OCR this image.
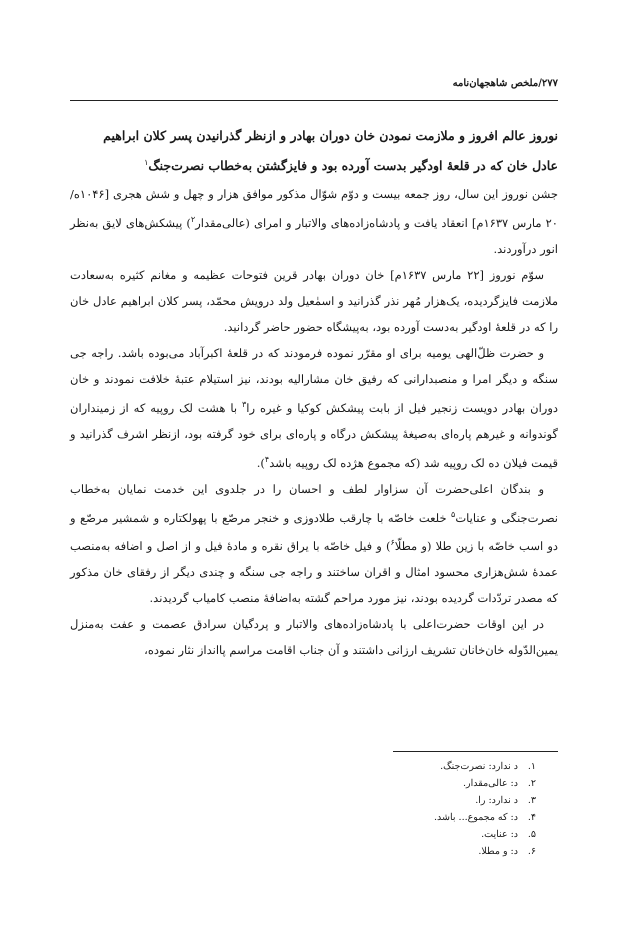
۲۷۷/ملخص شاهجهان‌نامه
نوروز عالم افروز و ملازمت نمودن خان دوران بهادر و ازنظر گذرانیدن پسر کلان ابراهیم
عادل خان که در قلعهٔ اودگیر بدست آورده بود و فایزگشتن به‌خطاب نصرت‌جنگ$^۱$

جشن نوروز این سال، روز جمعه بیست و دوّم شوّال مذکور موافق هزار و چهل و شش هجری [۱۰۴۶ه/۲۰ مارس ۱۶۳۷م] انعقاد یافت و پادشاه‌زاده‌های والاتبار و امرای (عالی‌مقدار$^۲$) پیشکش‌های لایق به‌نظر انور درآوردند.

سوّم نوروز [۲۲ مارس ۱۶۳۷م] خان دوران بهادر قرین فتوحات عظیمه و مغانم کثیره به‌سعادت ملازمت فایزگردیده، یک‌هزار مُهر نذر گذرانید و اسمٰعیل ولد درویش محمّد، پسر کلان ابراهیم عادل خان را که در قلعهٔ اودگیر به‌دست آورده بود، به‌پیشگاه حضور حاضر گردانید.

و حضرت ظلّ‌الهی یومیه برای او مقرّر نموده فرمودند که در قلعهٔ اکبرآباد می‌بوده باشد. راجه جی سنگه و دیگر امرا و منصبدارانی که رفیق خان مشارالیه بودند، نیز استیلام عتبهٔ خلافت نمودند و خان دوران بهادر دویست زنجیر فیل از بابت پیشکش کوکیا و غیره را$^۳$ با هشت لک روپیه که از زمینداران گوندوانه و غیرهم پاره‌ای به‌صیغهٔ پیشکش درگاه و پاره‌ای برای خود گرفته بود، ازنظر اشرف گذرانید و قیمت فیلان ده لک روپیه شد (که مجموع هژده لک روپیه باشد$^۴$).

و بندگان اعلی‌حضرت آن سزاوار لطف و احسان را در جلدوی این خدمت نمایان به‌خطاب نصرت‌جنگی و عنایات$^۵$ خلعت خاصّه با چارقب طلادوزی و خنجر مرصّع با پهولکتاره و شمشیر مرصّع و دو اسب خاصّه با زین طلا (و مطلّا$^۶$) و فیل خاصّه با یراق نقره و مادهٔ فیل و از اصل و اضافه به‌منصب عمدهٔ شش‌هزاری محسود امثال و اقران ساختند و راجه جی سنگه و چندی دیگر از رفقای خان مذکور که مصدر تردّدات گردیده بودند، نیز مورد مراحم گشته به‌اضافهٔ منصب کامیاب گردیدند.

در این اوقات حضرت‌اعلی با پادشاه‌زاده‌های والاتبار و پردگیان سرادق عصمت و عفت به‌منزل یمین‌الدّوله خان‌خانان تشریف ارزانی داشتند و آن جناب اقامت مراسم پاانداز نثار نموده،

۱.
د ندارد: نصرت‌جنگ.
۲.
د: عالی‌مقدار.
۳.
د ندارد: را.
۴.
د: که مجموع... باشد.
۵.
د: عنایت.
۶.
د: و مطلا.
